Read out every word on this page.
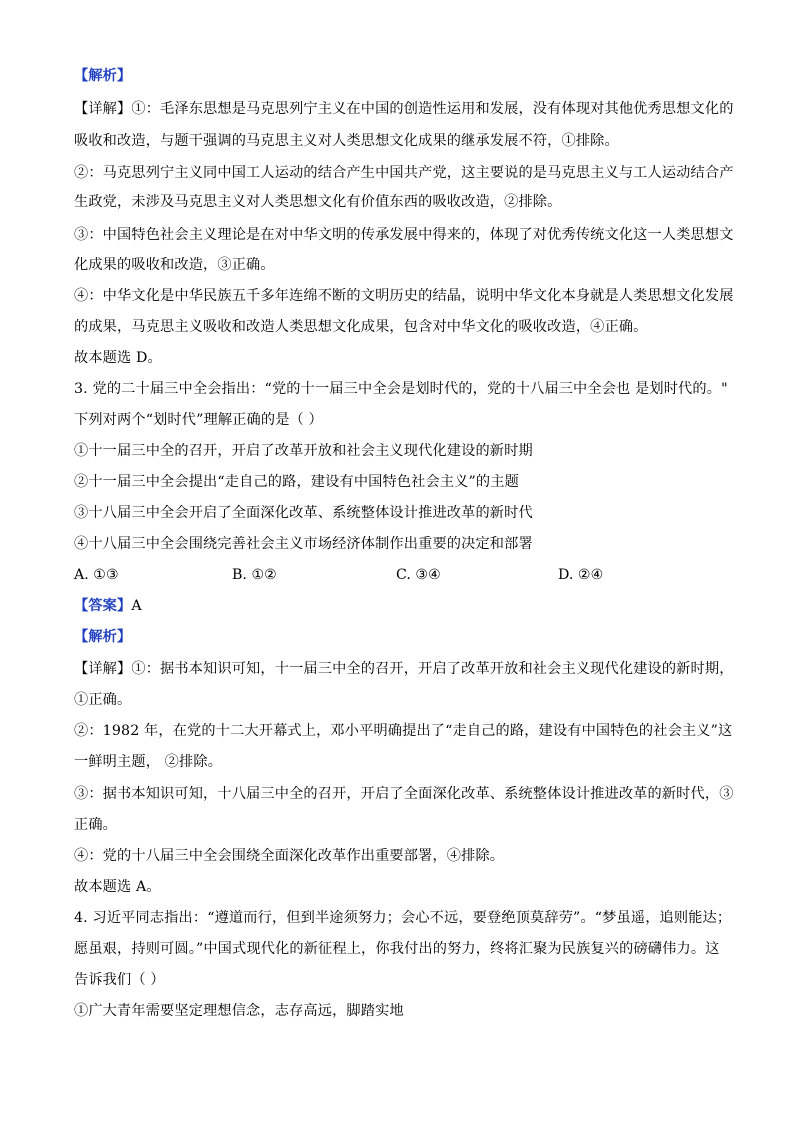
【解析】
【详解】①：毛泽东思想是马克思列宁主义在中国的创造性运用和发展，没有体现对其他优秀思想文化的
吸收和改造，与题干强调的马克思主义对人类思想文化成果的继承发展不符，①排除。
②：马克思列宁主义同中国工人运动的结合产生中国共产党，这主要说的是马克思主义与工人运动结合产
生政党，未涉及马克思主义对人类思想文化有价值东西的吸收改造，②排除。
③：中国特色社会主义理论是在对中华文明的传承发展中得来的，体现了对优秀传统文化这一人类思想文
化成果的吸收和改造，③正确。
④：中华文化是中华民族五千多年连绵不断的文明历史的结晶，说明中华文化本身就是人类思想文化发展
的成果，马克思主义吸收和改造人类思想文化成果，包含对中华文化的吸收改造，④正确。
故本题选 D。
3. 党的二十届三中全会指出：“党的十一届三中全会是划时代的，党的十八届三中全会也 是划时代的。"
下列对两个“划时代”理解正确的是（ ）
①十一届三中全的召开，开启了改革开放和社会主义现代化建设的新时期
②十一届三中全会提出“走自己的路，建设有中国特色社会主义”的主题
③十八届三中全会开启了全面深化改革、系统整体设计推进改革的新时代
④十八届三中全会围绕完善社会主义市场经济体制作出重要的决定和部署
A. ①③	B. ①②	C. ③④	D. ②④
【答案】A
【解析】
【详解】①：据书本知识可知，十一届三中全的召开，开启了改革开放和社会主义现代化建设的新时期，
①正确。
②：1982 年，在党的十二大开幕式上，邓小平明确提出了“走自己的路，建设有中国特色的社会主义”这
一鲜明主题， ②排除。
③：据书本知识可知，十八届三中全的召开，开启了全面深化改革、系统整体设计推进改革的新时代，③
正确。
④：党的十八届三中全会围绕全面深化改革作出重要部署，④排除。
故本题选 A。
4. 习近平同志指出：“遵道而行，但到半途须努力；会心不远，要登绝顶莫辞劳”。“梦虽遥，追则能达；
愿虽艰，持则可圆。”中国式现代化的新征程上，你我付出的努力，终将汇聚为民族复兴的磅礴伟力。这
告诉我们（ ）
①广大青年需要坚定理想信念，志存高远，脚踏实地
